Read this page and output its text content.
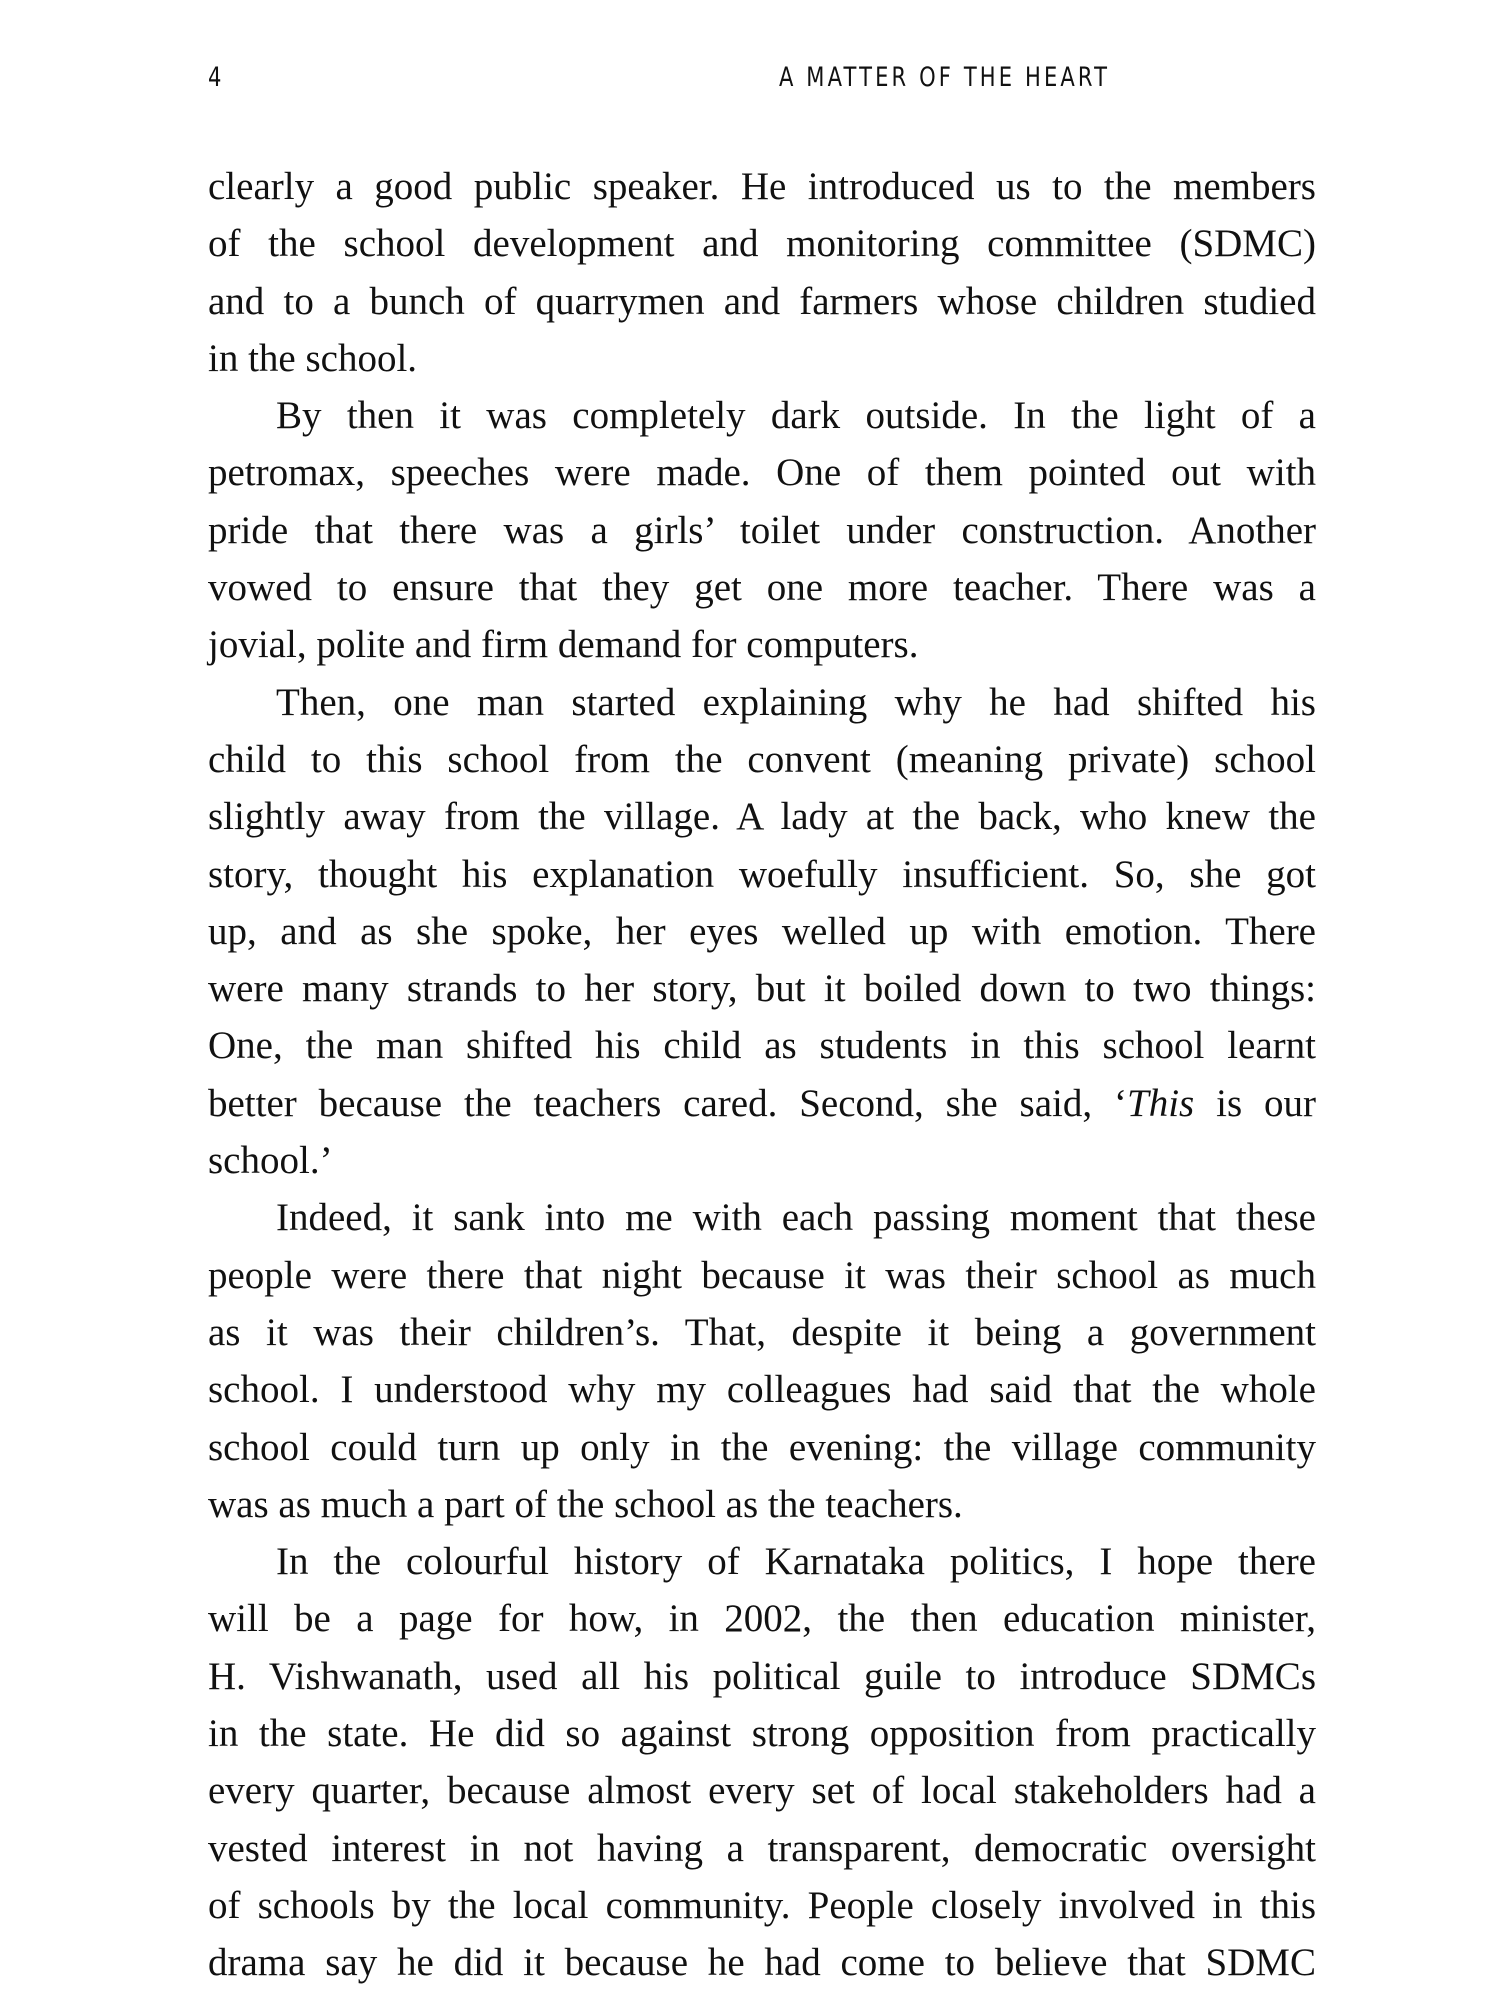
4	A MATTER OF THE HEART
clearly a good public speaker. He introduced us to the members
of the school development and monitoring committee (SDMC)
and to a bunch of quarrymen and farmers whose children studied
in the school.
By then it was completely dark outside. In the light of a
petromax, speeches were made. One of them pointed out with
pride that there was a girls’ toilet under construction. Another
vowed to ensure that they get one more teacher. There was a
jovial, polite and firm demand for computers.
Then, one man started explaining why he had shifted his
child to this school from the convent (meaning private) school
slightly away from the village. A lady at the back, who knew the
story, thought his explanation woefully insufficient. So, she got
up, and as she spoke, her eyes welled up with emotion. There
were many strands to her story, but it boiled down to two things:
One, the man shifted his child as students in this school learnt
better because the teachers cared. Second, she said, ‘This is our
school.’
Indeed, it sank into me with each passing moment that these
people were there that night because it was their school as much
as it was their children’s. That, despite it being a government
school. I understood why my colleagues had said that the whole
school could turn up only in the evening: the village community
was as much a part of the school as the teachers.
In the colourful history of Karnataka politics, I hope there
will be a page for how, in 2002, the then education minister,
H. Vishwanath, used all his political guile to introduce SDMCs
in the state. He did so against strong opposition from practically
every quarter, because almost every set of local stakeholders had a
vested interest in not having a transparent, democratic oversight
of schools by the local community. People closely involved in this
drama say he did it because he had come to believe that SDMC
